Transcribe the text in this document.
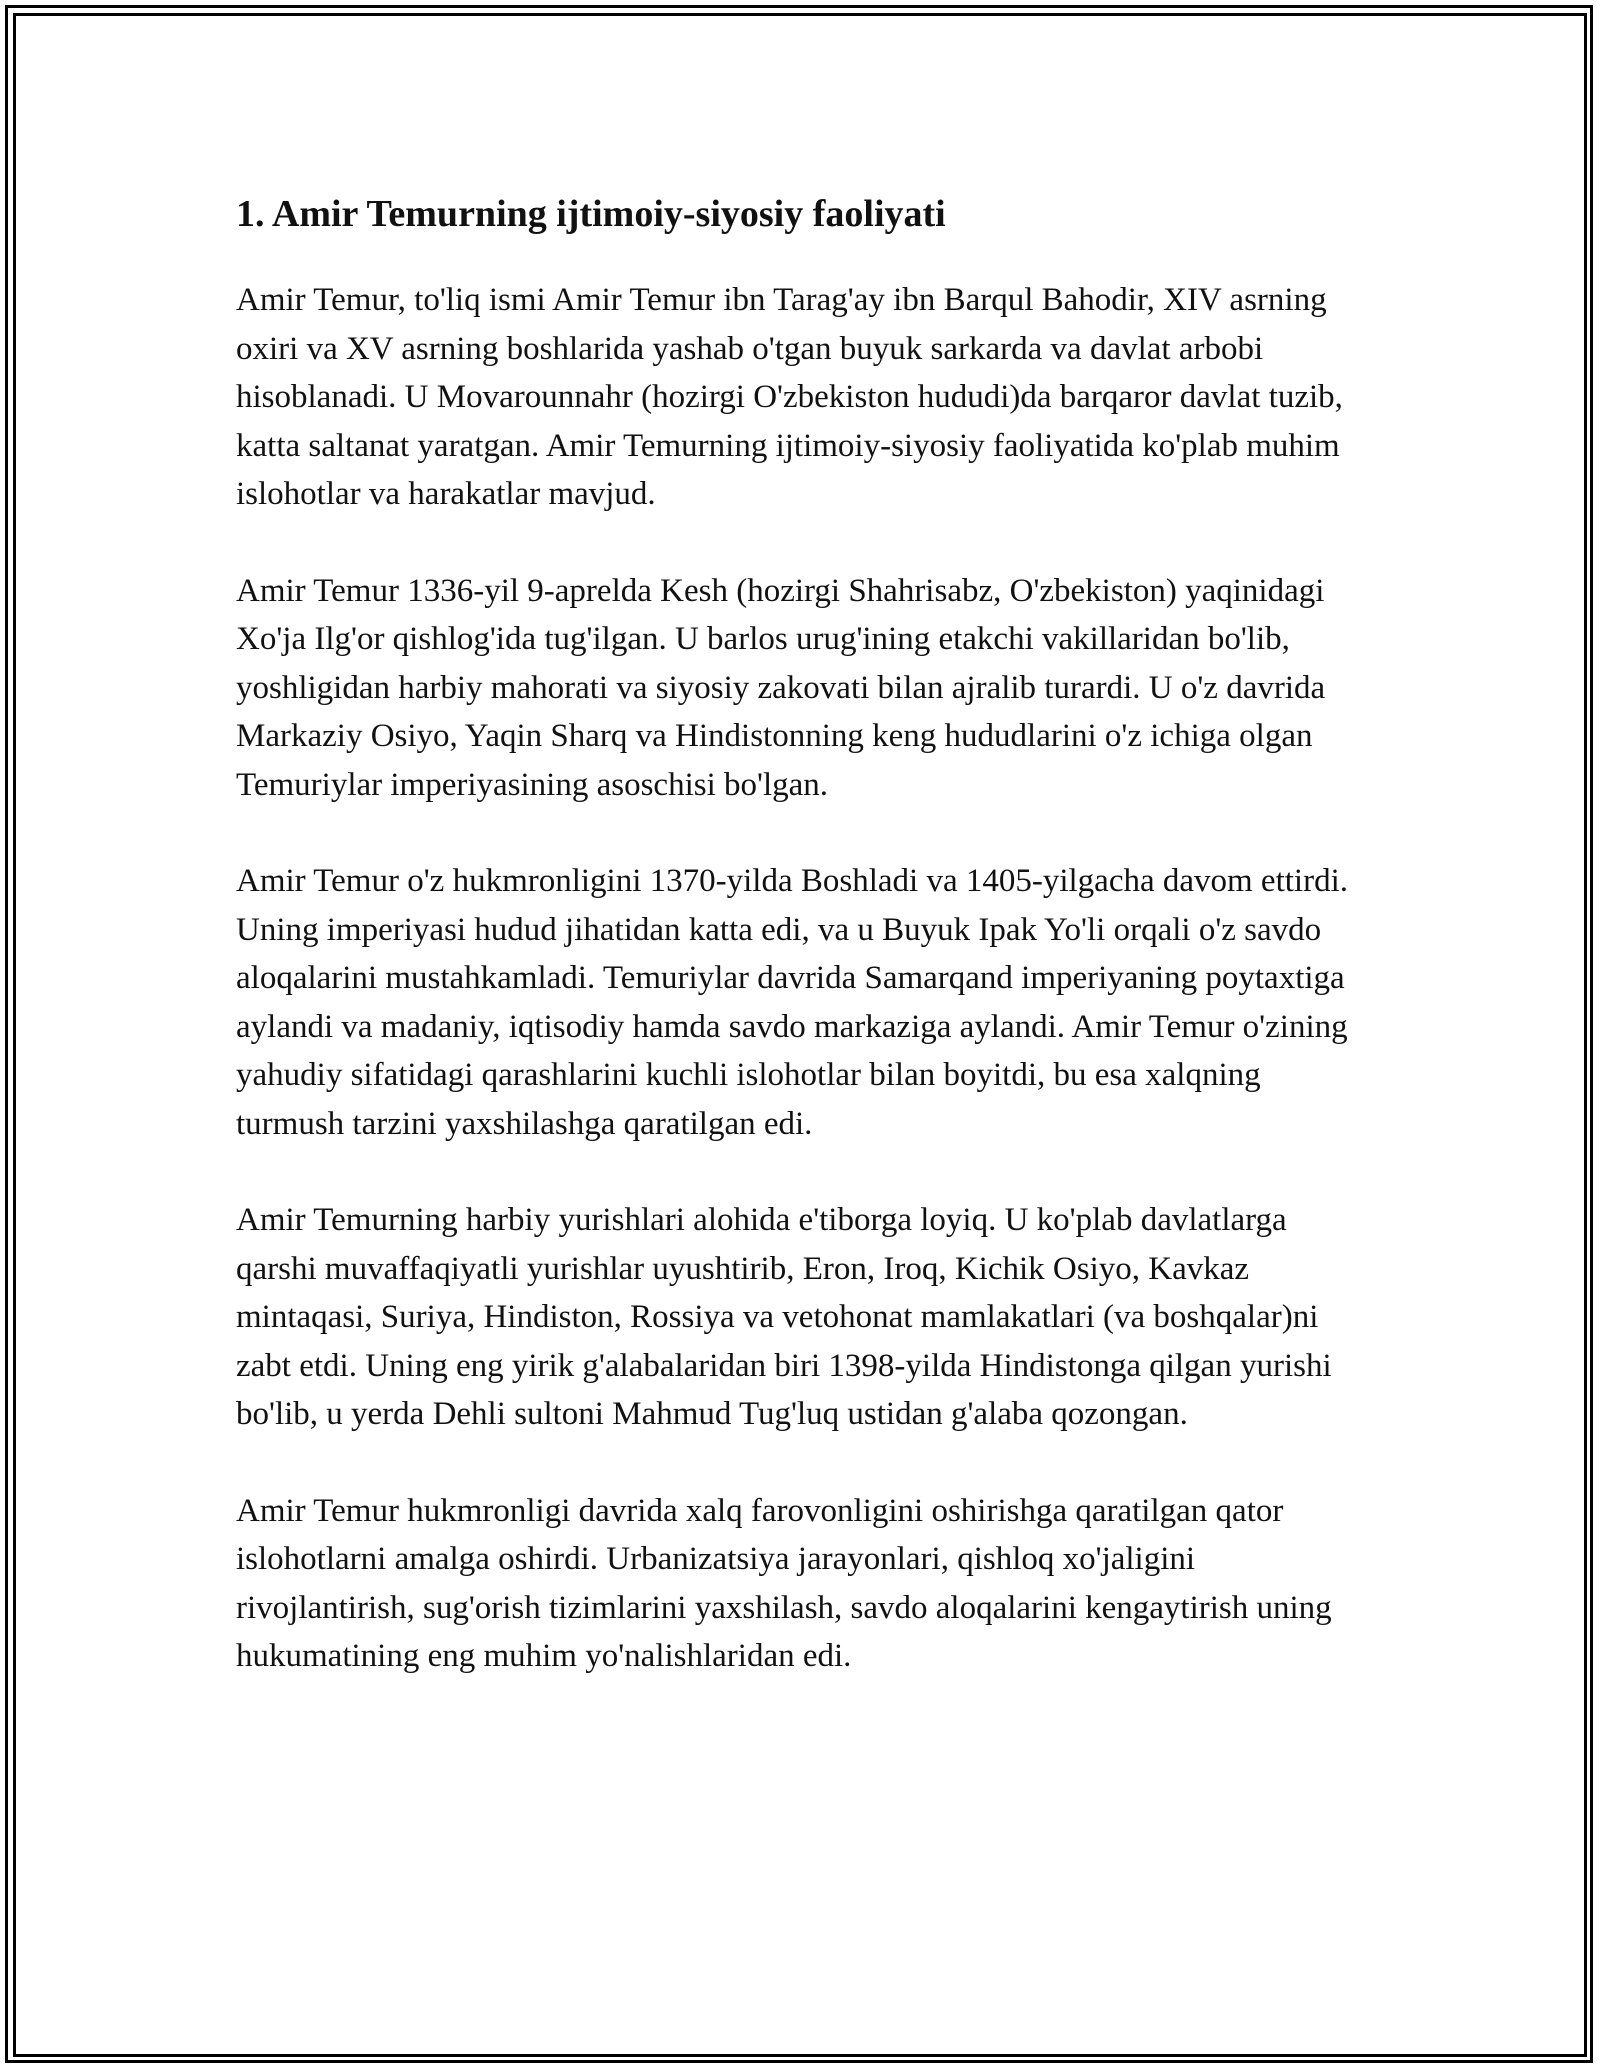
1. Amir Temurning ijtimoiy-siyosiy faoliyati

Amir Temur, to'liq ismi Amir Temur ibn Tarag'ay ibn Barqul Bahodir, XIV asrning oxiri va XV asrning boshlarida yashab o'tgan buyuk sarkarda va davlat arbobi hisoblanadi. U Movarounnahr (hozirgi O'zbekiston hududi)da barqaror davlat tuzib, katta saltanat yaratgan. Amir Temurning ijtimoiy-siyosiy faoliyatida ko'plab muhim islohotlar va harakatlar mavjud.

Amir Temur 1336-yil 9-aprelda Kesh (hozirgi Shahrisabz, O'zbekiston) yaqinidagi Xo'ja Ilg'or qishlog'ida tug'ilgan. U barlos urug'ining etakchi vakillaridan bo'lib, yoshligidan harbiy mahorati va siyosiy zakovati bilan ajralib turardi. U o'z davrida Markaziy Osiyo, Yaqin Sharq va Hindistonning keng hududlarini o'z ichiga olgan Temuriylar imperiyasining asoschisi bo'lgan.

Amir Temur o'z hukmronligini 1370-yilda Boshladi va 1405-yilgacha davom ettirdi. Uning imperiyasi hudud jihatidan katta edi, va u Buyuk Ipak Yo'li orqali o'z savdo aloqalarini mustahkamladi. Temuriylar davrida Samarqand imperiyaning poytaxtiga aylandi va madaniy, iqtisodiy hamda savdo markaziga aylandi. Amir Temur o'zining yahudiy sifatidagi qarashlarini kuchli islohotlar bilan boyitdi, bu esa xalqning turmush tarzini yaxshilashga qaratilgan edi.

Amir Temurning harbiy yurishlari alohida e'tiborga loyiq. U ko'plab davlatlarga qarshi muvaffaqiyatli yurishlar uyushtirib, Eron, Iroq, Kichik Osiyo, Kavkaz mintaqasi, Suriya, Hindiston, Rossiya va vetohonat mamlakatlari (va boshqalar)ni zabt etdi. Uning eng yirik g'alabalaridan biri 1398-yilda Hindistonga qilgan yurishi bo'lib, u yerda Dehli sultoni Mahmud Tug'luq ustidan g'alaba qozongan.

Amir Temur hukmronligi davrida xalq farovonligini oshirishga qaratilgan qator islohotlarni amalga oshirdi. Urbanizatsiya jarayonlari, qishloq xo'jaligini rivojlantirish, sug'orish tizimlarini yaxshilash, savdo aloqalarini kengaytirish uning hukumatining eng muhim yo'nalishlaridan edi.
